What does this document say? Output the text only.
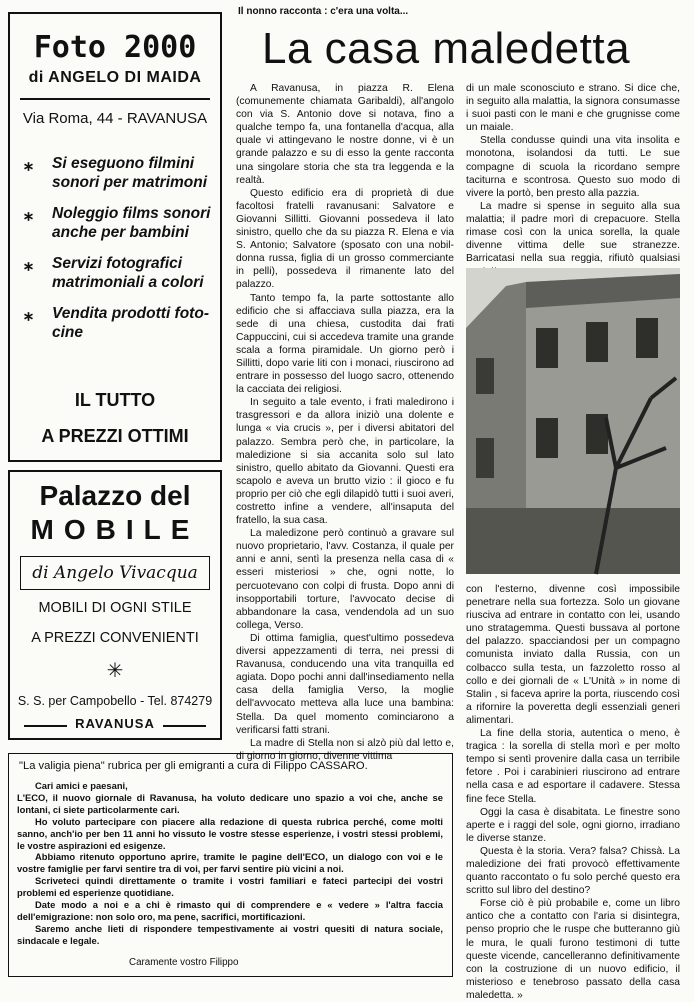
Il nonno racconta : c'era una volta...
La casa maledetta
Foto 2000
di ANGELO DI MAIDA
Via Roma, 44 - RAVANUSA
⁎ Si eseguono filmini sonori per matrimoni
⁎ Noleggio films sonori anche per bambini
⁎ Servizi fotografici matrimoniali a colori
⁎ Vendita prodotti foto-cine
IL TUTTO
A PREZZI OTTIMI
Palazzo del
MOBILE
di Angelo Vivacqua
MOBILI DI OGNI STILE
A PREZZI CONVENIENTI
✳
S. S. per Campobello - Tel. 874279
RAVANUSA
"La valigia piena" rubrica per gli emigranti a cura di Filippo CASSARO.

Cari amici e paesani,

L'ECO, il nuovo giornale di Ravanusa, ha voluto dedicare uno spazio a voi che, anche se lontani, ci siete particolarmente cari.

Ho voluto partecipare con piacere alla redazione di questa rubrica perché, come molti sanno, anch'io per ben 11 anni ho vissuto le vostre stesse esperienze, i vostri stessi problemi, le vostre aspirazioni ed esigenze.

Abbiamo ritenuto opportuno aprire, tramite le pagine dell'ECO, un dialogo con voi e le vostre famiglie per farvi sentire tra di voi, per farvi sentire più vicini a noi.

Scriveteci quindi direttamente o tramite i vostri familiari e fateci partecipi dei vostri problemi ed esperienze quotidiane.

Date modo a noi e a chi è rimasto qui di comprendere e « vedere » l'altra faccia dell'emigrazione: non solo oro, ma pene, sacrifici, mortificazioni.

Saremo anche lieti di rispondere tempestivamente ai vostri quesiti di natura sociale, sindacale e legale.

Caramente vostro Filippo

A Ravanusa, in piazza R. Elena (comunemente chiamata Garibaldi), all'angolo con via S. Antonio dove si notava, fino a qualche tempo fa, una fontanella d'acqua, alla quale vi attingevano le nostre donne, vi è un grande palazzo e su di esso la gente racconta una singolare storia che sta tra leggenda e la realtà.

Questo edificio era di proprietà di due facoltosi fratelli ravanusani: Salvatore e Giovanni Sillitti. Giovanni possedeva il lato sinistro, quello che da su piazza R. Elena e via S. Antonio; Salvatore (sposato con una nobil-donna russa, figlia di un grosso commerciante in pelli), possedeva il rimanente lato del palazzo.

Tanto tempo fa, la parte sottostante allo edificio che si affacciava sulla piazza, era la sede di una chiesa, custodita dai frati Cappuccini, cui si accedeva tramite una grande scala a forma piramidale. Un giorno però i Sillitti, dopo varie liti con i monaci, riuscirono ad entrare in possesso del luogo sacro, ottenendo la cacciata dei religiosi.

In seguito a tale evento, i frati maledirono i trasgressori e da allora iniziò una dolente e lunga « via crucis », per i diversi abitatori del palazzo. Sembra però che, in particolare, la maledizione si sia accanita solo sul lato sinistro, quello abitato da Giovanni. Questi era scapolo e aveva un brutto vizio : il gioco e fu proprio per ciò che egli dilapidò tutti i suoi averi, costretto infine a vendere, all'insaputa del fratello, la sua casa.

La maledizone però continuò a gravare sul nuovo proprietario, l'avv. Costanza, il quale per anni e anni, sentì la presenza nella casa di « esseri misteriosi » che, ogni notte, lo percuotevano con colpi di frusta. Dopo anni di insopportabili torture, l'avvocato decise di abbandonare la casa, vendendola ad un suo collega, Verso.

Di ottima famiglia, quest'ultimo possedeva diversi appezzamenti di terra, nei pressi di Ravanusa, conducendo una vita tranquilla ed agiata. Dopo pochi anni dall'insediamento nella casa della famiglia Verso, la moglie dell'avvocato metteva alla luce una bambina: Stella. Da quel momento cominciarono a verificarsi fatti strani.

La madre di Stella non si alzò più dal letto e, di giorno in giorno, divenne vittima

di un male sconosciuto e strano. Si dice che, in seguito alla malattia, la signora consumasse i suoi pasti con le mani e che grugnisse come un maiale.

Stella condusse quindi una vita insolita e monotona, isolandosi da tutti. Le sue compagne di scuola la ricordano sempre taciturna e scontrosa. Questo suo modo di vivere la portò, ben presto alla pazzia.

La madre si spense in seguito alla sua malattia; il padre morì di crepacuore. Stella rimase così con la unica sorella, la quale divenne vittima delle sue stranezze. Barricatasi nella sua reggia, rifiutò qualsiasi

con l'esterno, divenne così impossibile penetrare nella sua fortezza. Solo un giovane riusciva ad entrare in contatto con lei, usando uno stratagemma. Questi bussava al portone del palazzo. spacciandosi per un compagno comunista inviato dalla Russia, con un colbacco sulla testa, un fazzoletto rosso al collo e dei giornali de « L'Unità » in nome di Stalin , si faceva aprire la porta, riuscendo così a rifornire la poveretta degli essenziali generi alimentari.

La fine della storia, autentica o meno, è tragica : la sorella di stella morì e per molto tempo si sentì provenire dalla casa un terribile fetore . Poi i carabinieri riuscirono ad entrare nella casa e ad esportare il cadavere. Stessa fine fece Stella.

Oggi la casa è disabitata. Le finestre sono aperte e i raggi del sole, ogni giorno, irradiano le diverse stanze.

Questa è la storia. Vera? falsa? Chissà. La maledizione dei frati provocò effettivamente quanto raccontato o fu solo perché questo era scritto sul libro del destino?

Forse ciò è più probabile e, come un libro antico che a contatto con l'aria si disintegra, penso proprio che le ruspe che butteranno giù le mura, le quali furono testimoni di tutte queste vicende, cancelleranno definitivamente con la costruzione di un nuovo edificio, il misterioso e tenebroso passato della casa maledetta. »
